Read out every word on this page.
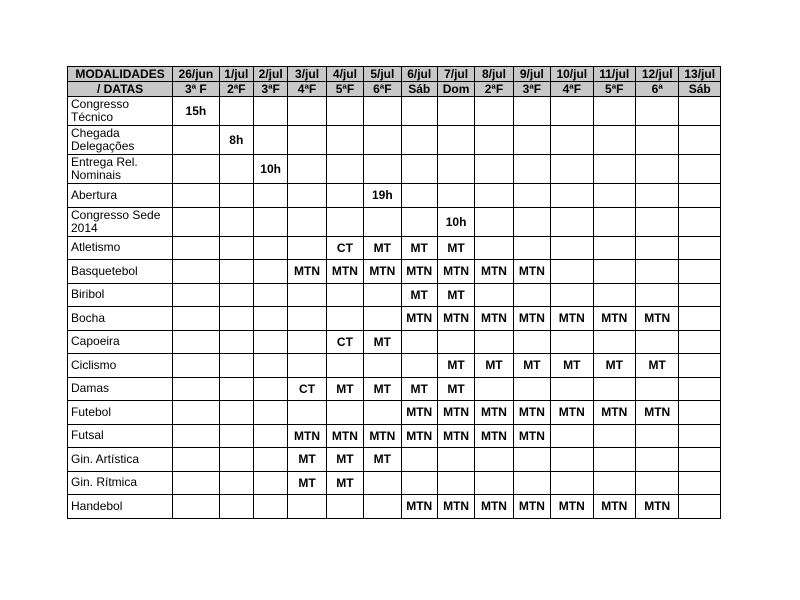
MODALIDADES	26/jun	1/jul	2/jul	3/jul	4/jul	5/jul	6/jul	7/jul	8/jul	9/jul	10/jul	11/jul	12/jul	13/jul
/ DATAS	3ª F	2ªF	3ªF	4ªF	5ªF	6ªF	Sáb	Dom	2ªF	3ªF	4ªF	5ªF	6ª	Sáb
Congresso Técnico	15h													
Chegada Delegações		8h												
Entrega Rel. Nominais			10h											
Abertura						19h								
Congresso Sede 2014								10h						
Atletismo					CT	MT	MT	MT						
Basquetebol				MTN	MTN	MTN	MTN	MTN	MTN	MTN				
Biribol							MT	MT						
Bocha							MTN	MTN	MTN	MTN	MTN	MTN	MTN	
Capoeira					CT	MT								
Ciclismo								MT	MT	MT	MT	MT	MT	
Damas				CT	MT	MT	MT	MT						
Futebol							MTN	MTN	MTN	MTN	MTN	MTN	MTN	
Futsal				MTN	MTN	MTN	MTN	MTN	MTN	MTN				
Gin. Artística				MT	MT	MT								
Gin. Rítmica				MT	MT									
Handebol							MTN	MTN	MTN	MTN	MTN	MTN	MTN	
